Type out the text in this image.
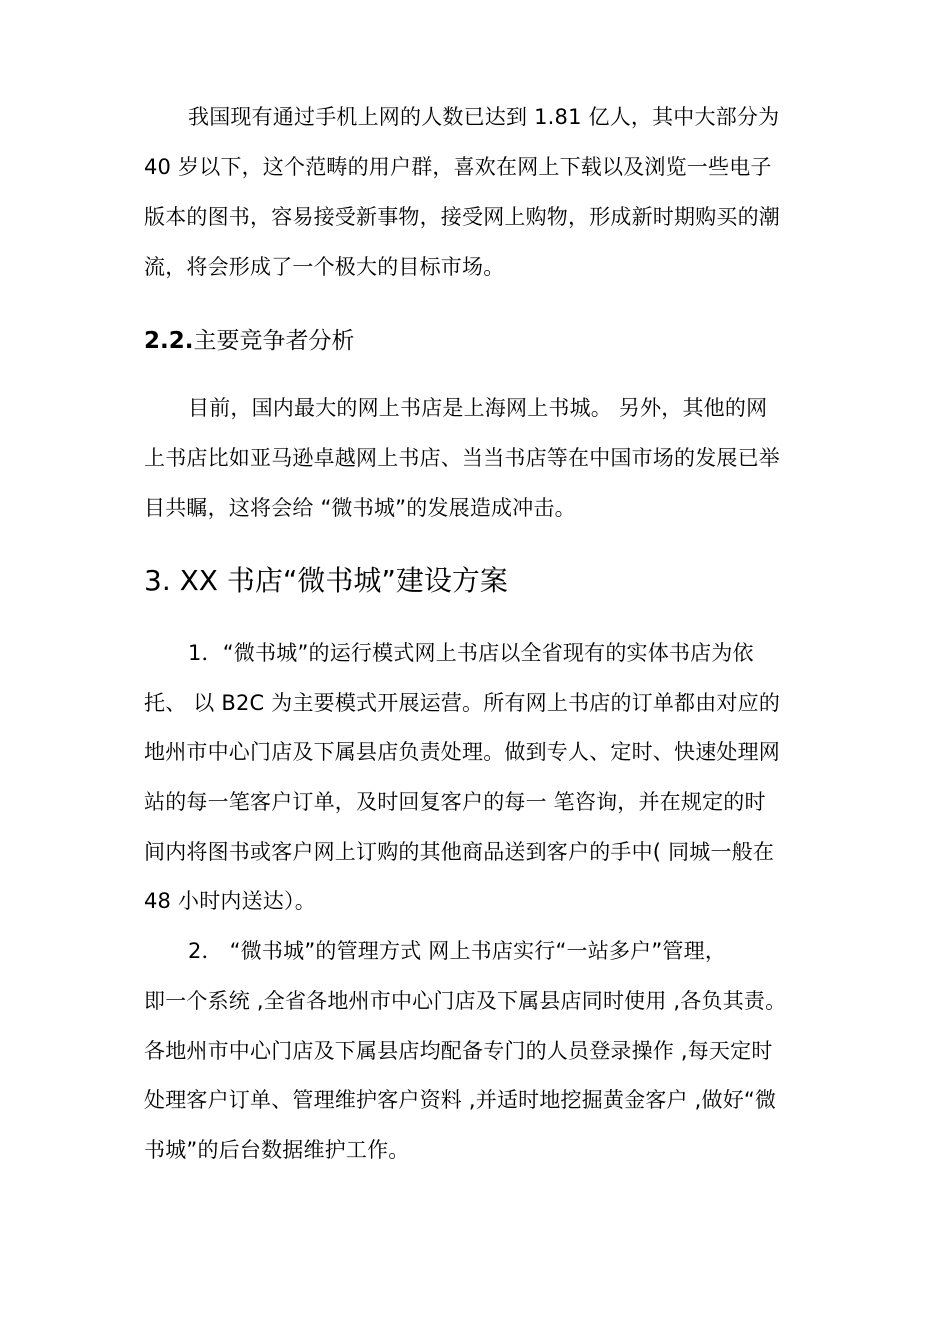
我国现有通过手机上网的人数已达到 1.81 亿人，其中大部分为
40 岁以下，这个范畴的用户群，喜欢在网上下载以及浏览一些电子
版本的图书，容易接受新事物，接受网上购物，形成新时期购买的潮
流，将会形成了一个极大的目标市场。
2.2.主要竞争者分析
目前，国内最大的网上书店是上海网上书城。 另外，其他的网
上书店比如亚马逊卓越网上书店、当当书店等在中国市场的发展已举
目共瞩，这将会给 “微书城”的发展造成冲击。
3. XX 书店“微书城”建设方案
1．“微书城”的运行模式网上书店以全省现有的实体书店为依
托、 以 B2C 为主要模式开展运营。所有网上书店的订单都由对应的
地州市中心门店及下属县店负责处理。做到专人、定时、快速处理网
站的每一笔客户订单，及时回复客户的每一 笔咨询，并在规定的时
间内将图书或客户网上订购的其他商品送到客户的手中( 同城一般在
48 小时内送达）。
2． “微书城”的管理方式 网上书店实行“一站多户”管理，
即一个系统 ,全省各地州市中心门店及下属县店同时使用 ,各负其责。
各地州市中心门店及下属县店均配备专门的人员登录操作 ,每天定时
处理客户订单、管理维护客户资料 ,并适时地挖掘黄金客户 ,做好“微
书城”的后台数据维护工作。
